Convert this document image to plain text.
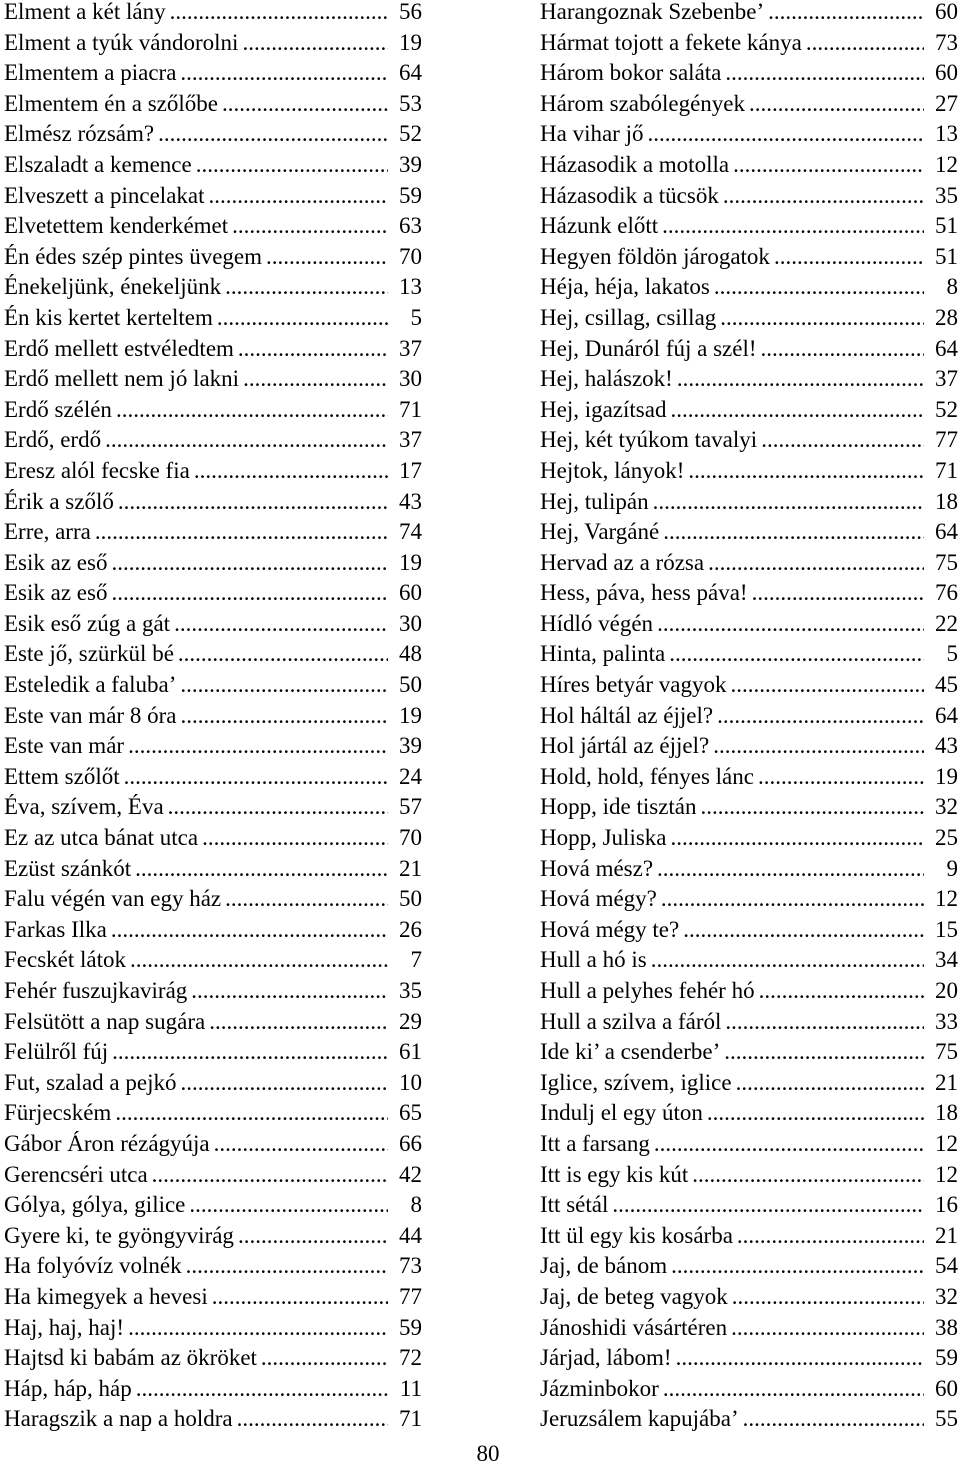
Elment a két lány .....	56
Elment a tyúk vándorolni .....	19
Elmentem a piacra .....	64
Elmentem én a szőlőbe .....	53
Elmész rózsám? .....	52
Elszaladt a kemence .....	39
Elveszett a pincelakat .....	59
Elvetettem kenderkémet .....	63
Én édes szép pintes üvegem .....	70
Énekeljünk, énekeljünk .....	13
Én kis kertet kerteltem .....	5
Erdő mellett estvéledtem .....	37
Erdő mellett nem jó lakni .....	30
Erdő szélén .....	71
Erdő, erdő .....	37
Eresz alól fecske fia .....	17
Érik a szőlő .....	43
Erre, arra .....	74
Esik az eső .....	19
Esik az eső .....	60
Esik eső zúg a gát .....	30
Este jő, szürkül bé .....	48
Esteledik a faluba’ .....	50
Este van már 8 óra .....	19
Este van már .....	39
Ettem szőlőt .....	24
Éva, szívem, Éva .....	57
Ez az utca bánat utca .....	70
Ezüst szánkót .....	21
Falu végén van egy ház .....	50
Farkas Ilka .....	26
Fecskét látok .....	7
Fehér fuszujkavirág .....	35
Felsütött a nap sugára .....	29
Felülről fúj .....	61
Fut, szalad a pejkó .....	10
Fürjecském .....	65
Gábor Áron rézágyúja .....	66
Gerencséri utca .....	42
Gólya, gólya, gilice .....	8
Gyere ki, te gyöngyvirág .....	44
Ha folyóvíz volnék .....	73
Ha kimegyek a hevesi .....	77
Haj, haj, haj! .....	59
Hajtsd ki babám az ökröket .....	72
Háp, háp, háp .....	11
Haragszik a nap a holdra .....	71
Harangoznak Szebenbe’ .....	60
Hármat tojott a fekete kánya .....	73
Három bokor saláta .....	60
Három szabólegények .....	27
Ha vihar jő .....	13
Házasodik a motolla .....	12
Házasodik a tücsök .....	35
Házunk előtt .....	51
Hegyen földön járogatok .....	51
Héja, héja, lakatos .....	8
Hej, csillag, csillag .....	28
Hej, Dunáról fúj a szél! .....	64
Hej, halászok! .....	37
Hej, igazítsad .....	52
Hej, két tyúkom tavalyi .....	77
Hejtok, lányok! .....	71
Hej, tulipán .....	18
Hej, Vargáné .....	64
Hervad az a rózsa .....	75
Hess, páva, hess páva! .....	76
Hídló végén .....	22
Hinta, palinta .....	5
Híres betyár vagyok .....	45
Hol háltál az éjjel? .....	64
Hol jártál az éjjel? .....	43
Hold, hold, fényes lánc .....	19
Hopp, ide tisztán .....	32
Hopp, Juliska .....	25
Hová mész? .....	9
Hová mégy? .....	12
Hová mégy te? .....	15
Hull a hó is .....	34
Hull a pelyhes fehér hó .....	20
Hull a szilva a fáról .....	33
Ide ki’ a csenderbe’ .....	75
Iglice, szívem, iglice .....	21
Indulj el egy úton .....	18
Itt a farsang .....	12
Itt is egy kis kút .....	12
Itt sétál .....	16
Itt ül egy kis kosárba .....	21
Jaj, de bánom .....	54
Jaj, de beteg vagyok .....	32
Jánoshidi vásártéren .....	38
Járjad, lábom! .....	59
Jázminbokor .....	60
Jeruzsálem kapujába’ .....	55
80
